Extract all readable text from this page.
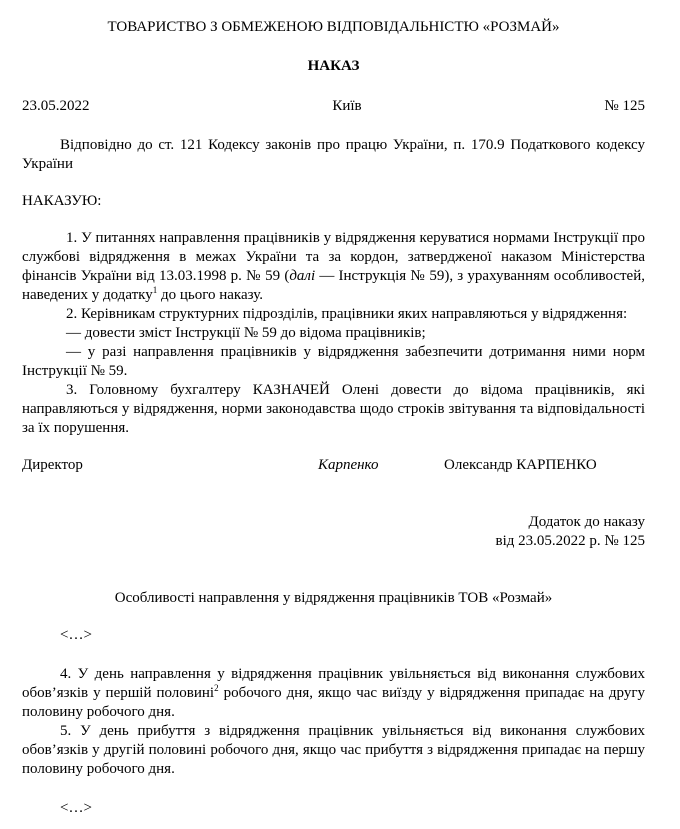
ТОВАРИСТВО З ОБМЕЖЕНОЮ ВІДПОВІДАЛЬНІСТЮ «РОЗМАЙ»
НАКАЗ
23.05.2022	Київ	№ 125

Відповідно до ст. 121 Кодексу законів про працю України, п. 170.9 Податкового кодексу України

НАКАЗУЮ:

1. У питаннях направлення працівників у відрядження керуватися нормами Інструкції про службові відрядження в межах України та за кордон, затвердженої наказом Міністерства фінансів України від 13.03.1998 р. № 59 (далі — Інструкція № 59), з урахуванням особливостей, наведених у додатку$^1$ до цього наказу.

2. Керівникам структурних підрозділів, працівники яких направляються у відрядження:

— довести зміст Інструкції № 59 до відома працівників;

— у разі направлення працівників у відрядження забезпечити дотримання ними норм Інструкції № 59.

3. Головному бухгалтеру КАЗНАЧЕЙ Олені довести до відома працівників, які направляються у відрядження, норми законодавства щодо строків звітування та відповідальності за їх порушення.

Директор	Карпенко	Олександр КАРПЕНКО
Додаток до наказу
від 23.05.2022 р. № 125
Особливості направлення у відрядження працівників ТОВ «Розмай»

<…>

4. У день направлення у відрядження працівник увільняється від виконання службових обов’язків у першій половині$^2$ робочого дня, якщо час виїзду у відрядження припадає на другу половину робочого дня.

5. У день прибуття з відрядження працівник увільняється від виконання службових обов’язків у другій половині робочого дня, якщо час прибуття з відрядження припадає на першу половину робочого дня.

<…>
